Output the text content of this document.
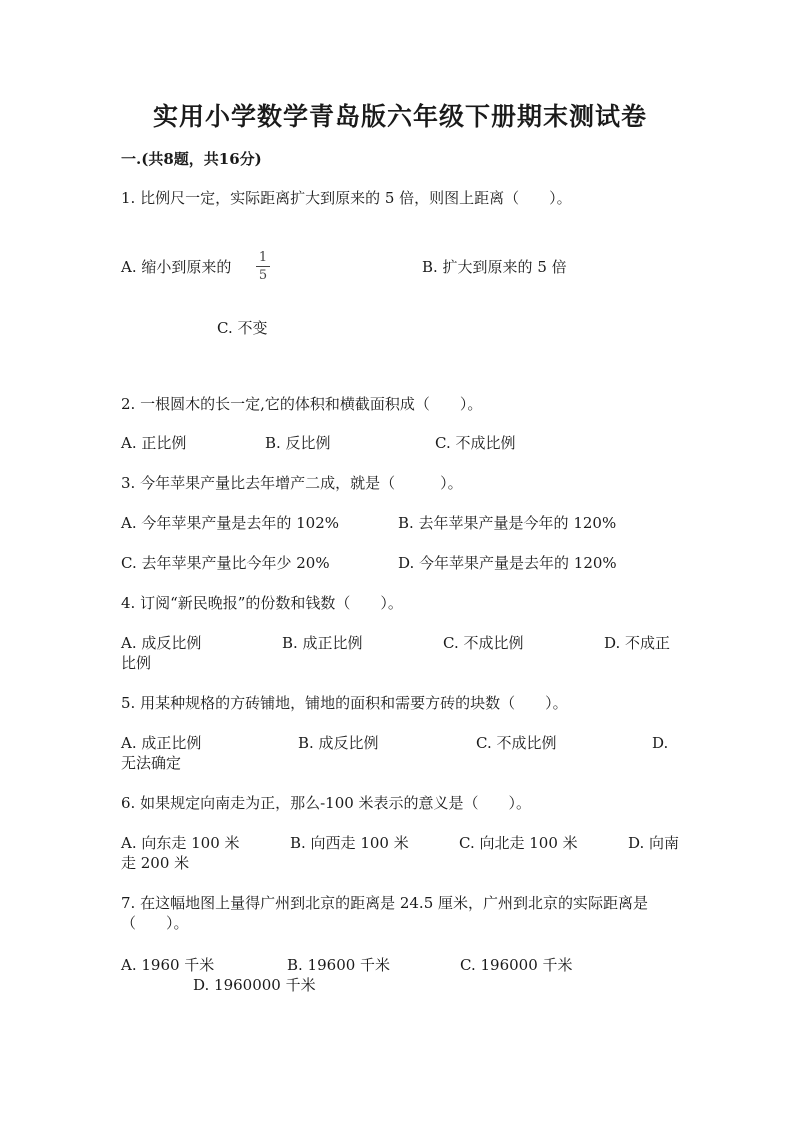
实用小学数学青岛版六年级下册期末测试卷
一.(共8题，共16分)
1. 比例尺一定，实际距离扩大到原来的 5 倍，则图上距离（　　）。
A. 缩小到原来的
1
5	B. 扩大到原来的 5 倍
C. 不变
2. 一根圆木的长一定,它的体积和横截面积成（　　）。
A. 正比例	B. 反比例	C. 不成比例
3. 今年苹果产量比去年增产二成，就是（　　　）。
A. 今年苹果产量是去年的 102%	B. 去年苹果产量是今年的 120%
C. 去年苹果产量比今年少 20%	D. 今年苹果产量是去年的 120%
4. 订阅“新民晚报”的份数和钱数（　　）。
A. 成反比例	B. 成正比例	C. 不成比例	D. 不成正
比例
5. 用某种规格的方砖铺地，铺地的面积和需要方砖的块数（　　）。
A. 成正比例	B. 成反比例	C. 不成比例	D.
无法确定
6. 如果规定向南走为正，那么-100 米表示的意义是（　　）。
A. 向东走 100 米	B. 向西走 100 米	C. 向北走 100 米	D. 向南
走 200 米
7. 在这幅地图上量得广州到北京的距离是 24.5 厘米，广州到北京的实际距离是
（　　）。
A. 1960 千米	B. 19600 千米	C. 196000 千米
D. 1960000 千米
